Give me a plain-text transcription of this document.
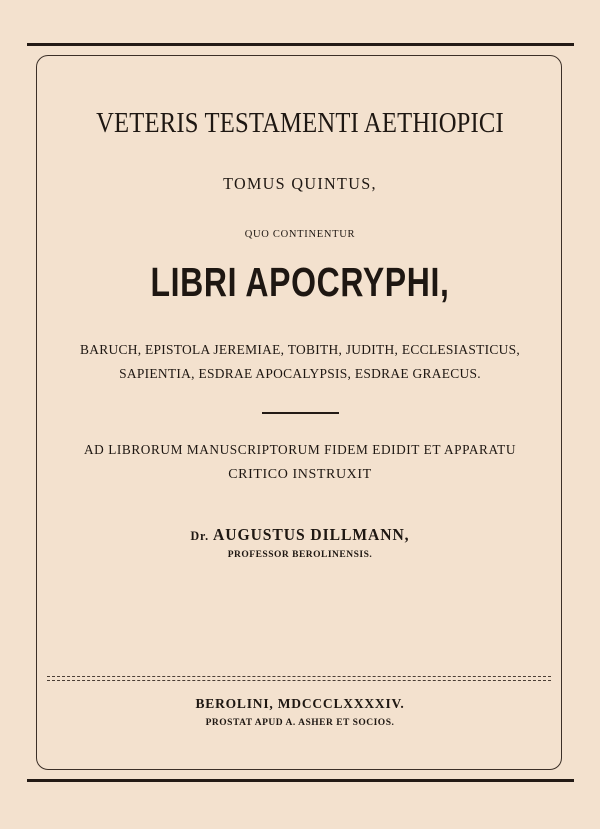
VETERIS TESTAMENTI AETHIOPICI
TOMUS QUINTUS,
QUO CONTINENTUR
LIBRI APOCRYPHI,
BARUCH, EPISTOLA JEREMIAE, TOBITH, JUDITH, ECCLESIASTICUS,
SAPIENTIA, ESDRAE APOCALYPSIS, ESDRAE GRAECUS.
AD LIBRORUM MANUSCRIPTORUM FIDEM EDIDIT ET APPARATU
CRITICO INSTRUXIT
Dr. AUGUSTUS DILLMANN,
PROFESSOR BEROLINENSIS.
BEROLINI, MDCCCLXXXXIV.
PROSTAT APUD A. ASHER ET SOCIOS.
